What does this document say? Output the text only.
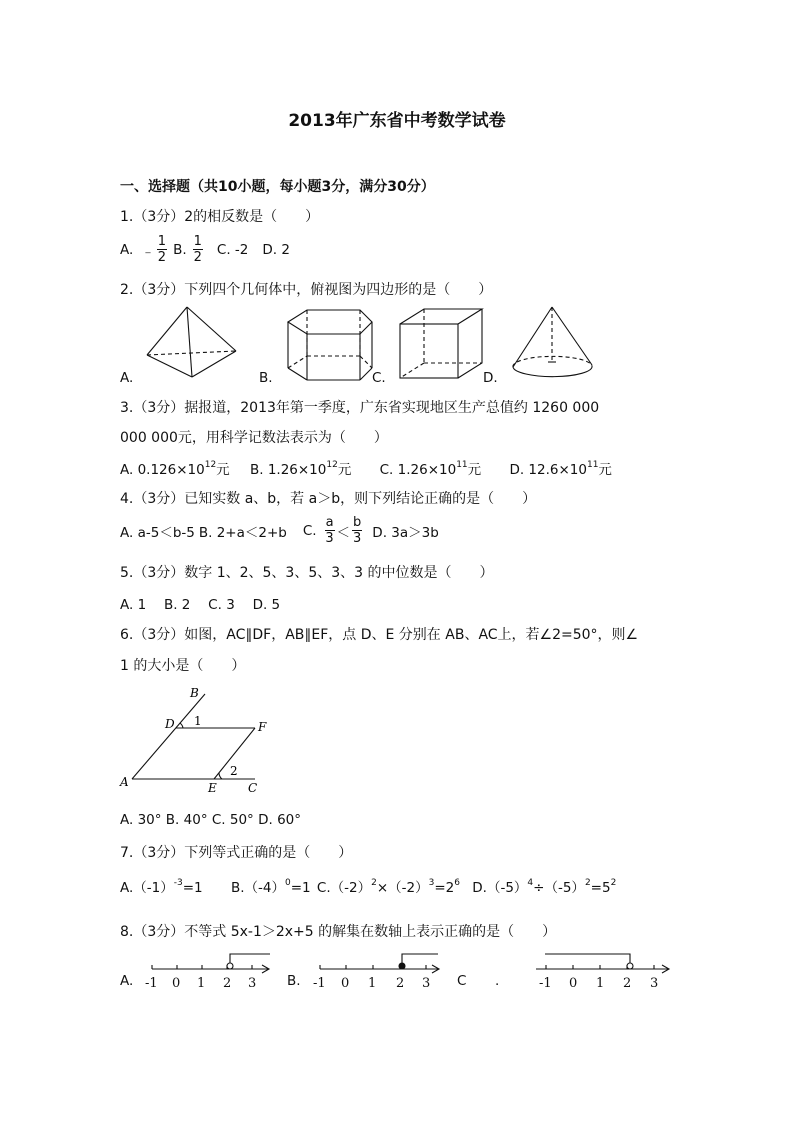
2013年广东省中考数学试卷
一、选择题（共10小题，每小题3分，满分30分）
1.（3分）2的相反数是（　　）
A. ﹣ $\frac{1}{2} B$. $\frac{1}{2} C$. -2 D. 2
2.（3分）下列四个几何体中，俯视图为四边形的是（　　）
A.	B.	C.	D.
3.（3分）据报道，2013年第一季度，广东省实现地区生产总值约 1260 000
000 000元，用科学记数法表示为（　　）
A. $0.126\times 10^{12}$元 B. $1.26\times 10^{12}$元 C. $1.26\times 10^{11}$元 D. $12.6\times 10^{11}$元
4.（3分）已知实数 a、b，若 a＞b，则下列结论正确的是（　　）
A. a-5＜b-5 B. 2+a＜2+b C. $\frac{a}{3} < \frac{b}{3} D$. 3a＞3b
5.（3分）数字 1、2、5、3、5、3、3 的中位数是（　　）
A. 1　 B. 2　 C. 3　 D. 5
6.（3分）如图，AC∥DF，AB∥EF，点 D、E 分别在 AB、AC上，若∠2=50°，则∠
1 的大小是（　　）
B
D 1	F
2
A	E	C
A. 30° B. 40° C. 50° D. 60°
7.（3分）下列等式正确的是（　　）
$A.(-1)^{-3}=1$ $B.(-4)^0=1$ $C.(-2)^2\times(-2)^3=2^6$ $D.(-5)^4\div(-5)^2=5^2$
8.（3分）不等式 5x-1＞2x+5 的解集在数轴上表示正确的是（　　）
A.	B.	C .
-1 0 1 2 3	-1 0 1 2 3	-1 0 1 2 3
